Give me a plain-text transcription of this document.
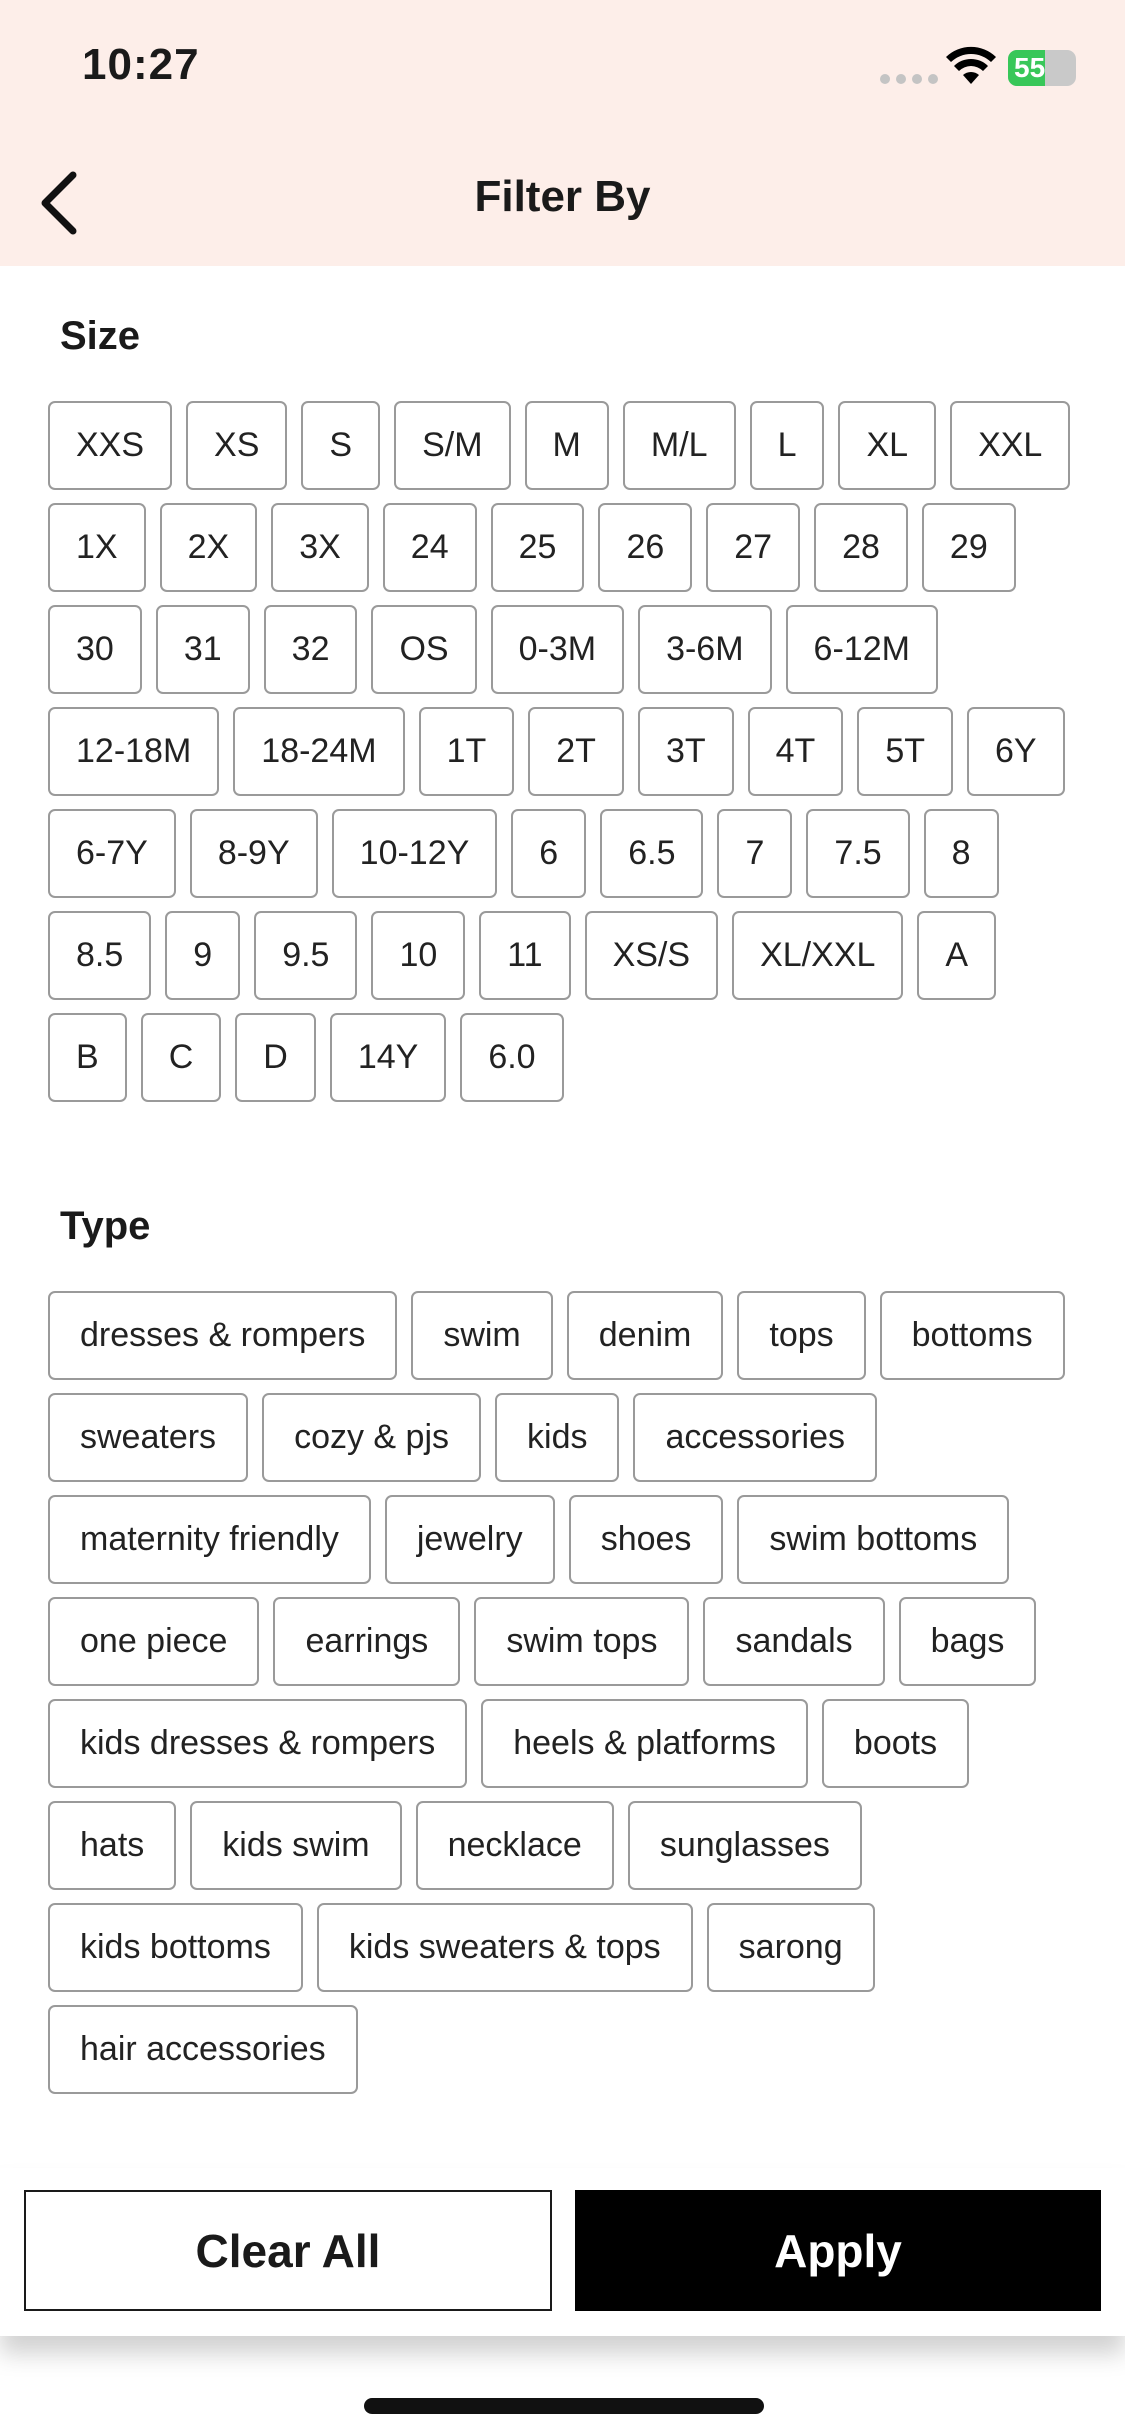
10:27	55
Filter By
Size
XXS	XS	S	S/M	M	M/L	L	XL	XXL
1X	2X	3X	24	25	26	27	28	29
30	31	32	OS	0-3M	3-6M	6-12M
12-18M	18-24M	1T	2T	3T	4T	5T	6Y
6-7Y	8-9Y	10-12Y	6	6.5	7	7.5	8
8.5	9	9.5	10	11	XS/S	XL/XXL	A
B	C	D	14Y	6.0
Type
dresses & rompers	swim	denim	tops	bottoms
sweaters	cozy & pjs	kids	accessories
maternity friendly	jewelry	shoes	swim bottoms
one piece	earrings	swim tops	sandals	bags
kids dresses & rompers	heels & platforms	boots
hats	kids swim	necklace	sunglasses
kids bottoms	kids sweaters & tops	sarong
hair accessories
Clear All	Apply
